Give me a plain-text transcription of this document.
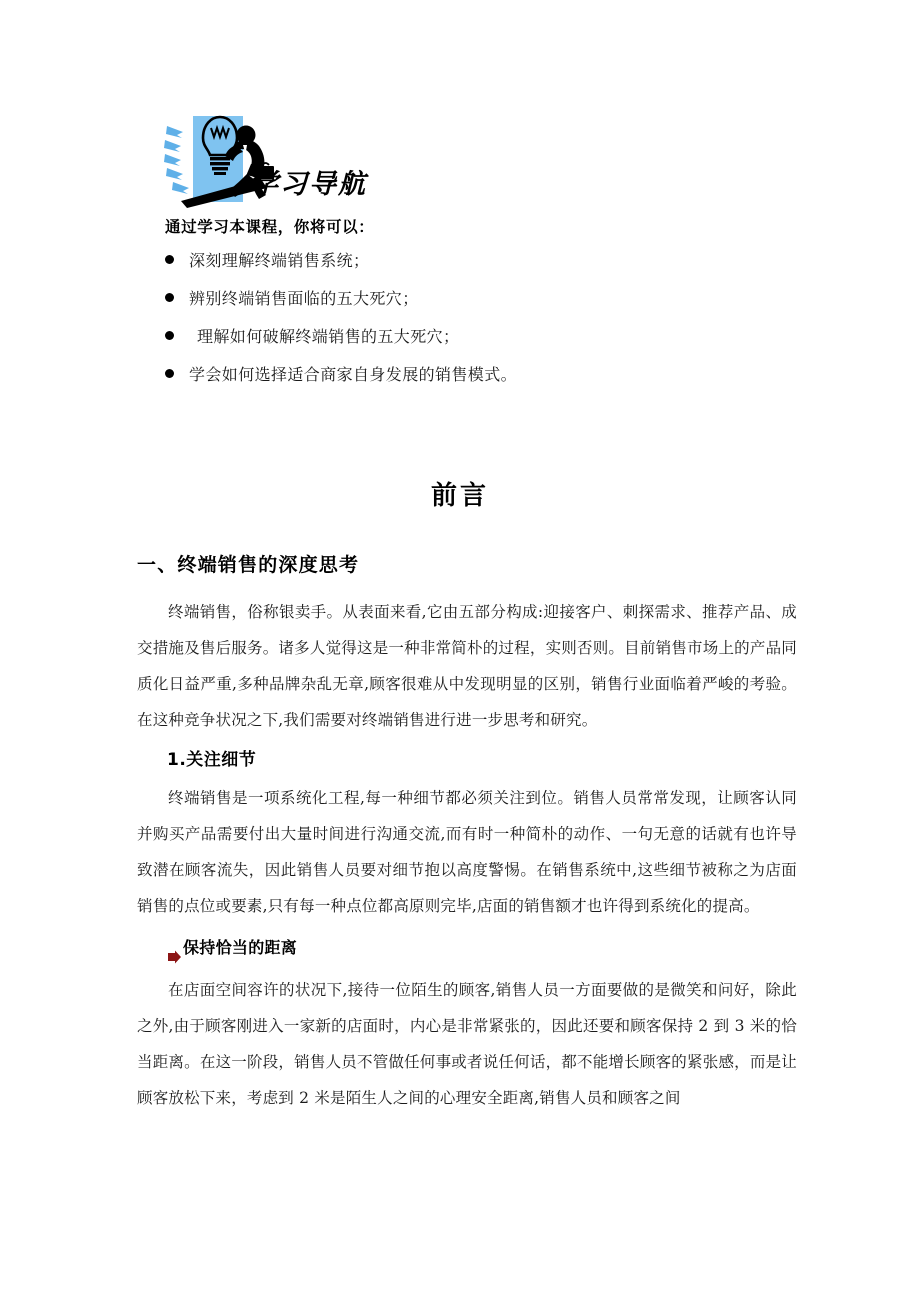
学习导航
通过学习本课程，你将可以：
深刻理解终端销售系统；
辨别终端销售面临的五大死穴；
理解如何破解终端销售的五大死穴；
学会如何选择适合商家自身发展的销售模式。
前言
一、终端销售的深度思考

终端销售，俗称银卖手。从表面来看,它由五部分构成:迎接客户、刺探需求、推荐产品、成交措施及售后服务。诸多人觉得这是一种非常简朴的过程，实则否则。目前销售市场上的产品同质化日益严重,多种品牌杂乱无章,顾客很难从中发现明显的区别，销售行业面临着严峻的考验。在这种竞争状况之下,我们需要对终端销售进行进一步思考和研究。

1.关注细节

终端销售是一项系统化工程,每一种细节都必须关注到位。销售人员常常发现，让顾客认同并购买产品需要付出大量时间进行沟通交流,而有时一种简朴的动作、一句无意的话就有也许导致潜在顾客流失，因此销售人员要对细节抱以高度警惕。在销售系统中,这些细节被称之为店面销售的点位或要素,只有每一种点位都高原则完毕,店面的销售额才也许得到系统化的提高。

保持恰当的距离

在店面空间容许的状况下,接待一位陌生的顾客,销售人员一方面要做的是微笑和问好，除此之外,由于顾客刚进入一家新的店面时，内心是非常紧张的，因此还要和顾客保持 2 到 3 米的恰当距离。在这一阶段，销售人员不管做任何事或者说任何话，都不能增长顾客的紧张感，而是让顾客放松下来，考虑到 2 米是陌生人之间的心理安全距离,销售人员和顾客之间
